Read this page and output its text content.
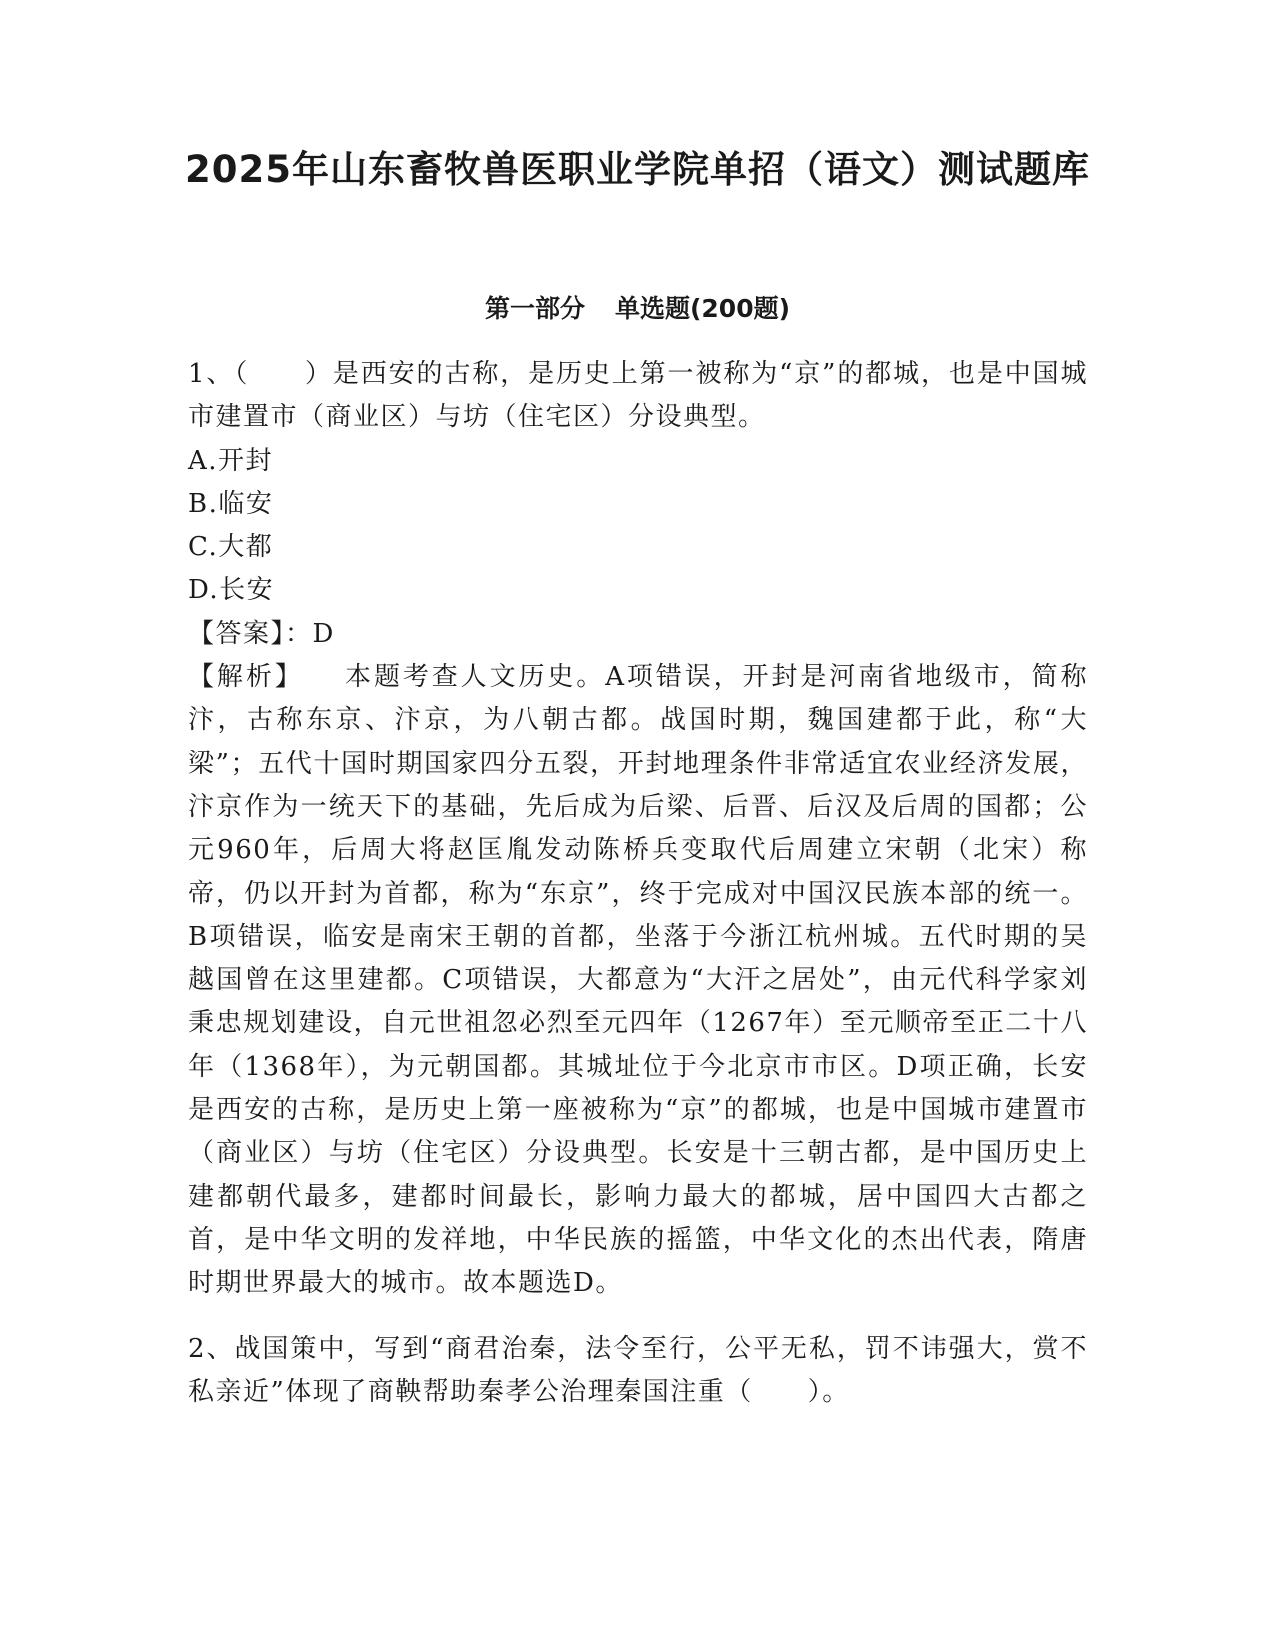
2025年山东畜牧兽医职业学院单招（语文）测试题库
第一部分 单选题(200题)

1、（　　）是西安的古称，是历史上第一被称为“京”的都城，也是中国城市建置市（商业区）与坊（住宅区）分设典型。

A.开封

B.临安

C.大都

D.长安

【答案】：D

【解析】 本题考查人文历史。A项错误，开封是河南省地级市，简称汴，古称东京、汴京，为八朝古都。战国时期，魏国建都于此，称“大梁”；五代十国时期国家四分五裂，开封地理条件非常适宜农业经济发展，汴京作为一统天下的基础，先后成为后梁、后晋、后汉及后周的国都；公元960年，后周大将赵匡胤发动陈桥兵变取代后周建立宋朝（北宋）称帝，仍以开封为首都，称为“东京”，终于完成对中国汉民族本部的统一。B项错误，临安是南宋王朝的首都，坐落于今浙江杭州城。五代时期的吴越国曾在这里建都。C项错误，大都意为“大汗之居处”，由元代科学家刘秉忠规划建设，自元世祖忽必烈至元四年（1267年）至元顺帝至正二十八年（1368年），为元朝国都。其城址位于今北京市市区。D项正确，长安是西安的古称，是历史上第一座被称为“京”的都城，也是中国城市建置市（商业区）与坊（住宅区）分设典型。长安是十三朝古都，是中国历史上建都朝代最多，建都时间最长，影响力最大的都城，居中国四大古都之首，是中华文明的发祥地，中华民族的摇篮，中华文化的杰出代表，隋唐时期世界最大的城市。故本题选D。

2、战国策中，写到“商君治秦，法令至行，公平无私，罚不讳强大，赏不私亲近”体现了商鞅帮助秦孝公治理秦国注重（　　）。
